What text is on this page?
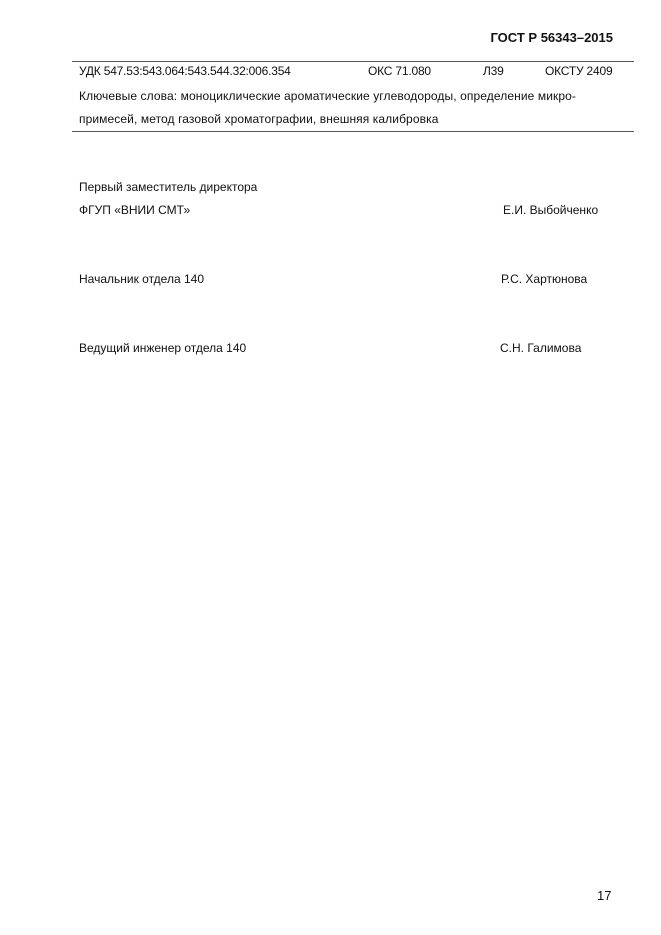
ГОСТ Р 56343–2015
УДК 547.53:543.064:543.544.32:006.354	ОКС 71.080	Л39	ОКСТУ 2409
Ключевые слова: моноциклические ароматические углеводороды, определение микро-
примесей, метод газовой хроматографии, внешняя калибровка
Первый заместитель директора
ФГУП «ВНИИ СМТ»	Е.И. Выбойченко
Начальник отдела 140	Р.С. Хартюнова
Ведущий инженер отдела 140	С.Н. Галимова
17
